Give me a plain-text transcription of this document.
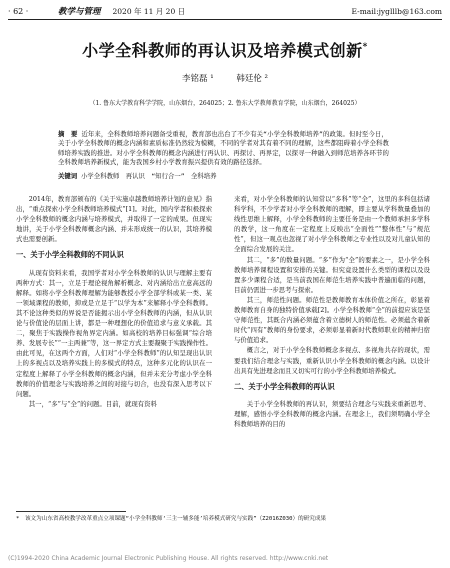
· 62 ·	教学与管理 2020 年 11 月 20 日	E-mail:jyglllb@163.com
小学全科教师的再认识及培养模式创新*
李铭磊 ¹	韩廷伦 ²
（1. 鲁东大学教育科学学院，山东烟台，264025；2. 鲁东大学教师教育学院，山东烟台，264025）
摘　要 近年来，全科教师培养问题备受重视，教育部也出台了不少有关“小学全科教师培养”的政策。但时至今日，关于小学全科教师的概念内涵和素质标准仍然较为模糊，不同的学者对其有着不同的理解，这些都阻碍着小学全科教师培养实践的推进。对小学全科教师的概念内涵进行再认识、再探讨、再界定，以探寻一种融入到师范培养各环节的全科教师培养新模式，能为我国乡村小学教育振兴提供有效的路径选择。
关键词 小学全科教师　再认识　“知行合一”　全科培养

2014年，教育部颁布的《关于实施卓越教师培养计划的意见》指出，“重点探索小学全科教师培养模式”[1]。对此，国内学者积极探索小学全科教师的概念内涵与培养模式，并取得了一定的成果。但现实地讲，关于小学全科教师概念内涵、并未形成统一的认识，其培养模式也需要创新。

一、关于小学全科教师的不同认识

从现有资料来看，我国学者对小学全科教师的认识与理解主要有两种方式：其一，立足于理论视角解析概念、对内涵给出立意高远的解释。如将小学全科教师理解为能够教授小学全部学科或某一类、某一领域课程的教师，抑或是立足于“以学为本”来解释小学全科教师。其不论这种类似的界说是否能揭示出小学全科教师的内涵，但从认识论与价值论的层面上讲，都是一种理想化的价值追求与意义承载。其二，聚焦于实践操作视角界定内涵。如高校的培养目标强调“综合培养、发展专长”“一主两兼”等，这一界定方式主要凝聚于实践操作性。由此可见，在这两个方面，人们对“小学全科教师”的认知呈现出认识上的多视点以及培养实践上的多模式的特点，这种多元化的认识在一定程度上解释了小学全科教师的概念内涵，但并未充分考虑小学全科教师的价值理念与实践培养之间的对接与切合，也没有深入思考以下问题。

其一，“多”与“全”的问题。目前，就现有资料

来看，对小学全科教师的认知常以“多科”等“全”，这里的多科包括诸科学科，不少学者对小学全科教师的理解，即主要从学科数量叠加的线性思维上解释，小学全科教师的主要任务是由一个教师承担多学科的教学，这一角度在一定程度上反映出“全面性”“整体性”与“规范性”，但这一观点也忽视了对小学全科教师之专业性以及对儿童认知的全面综合发展的关注。

其二，“多”的数量问题。“多”作为“全”的要素之一，是小学全科教师培养课程设置和安排的关键。但究竟设置什么类型的课程以及设置多少课程合适，是当前我国在师范生培养实践中普遍面临的问题，目前仍需进一步思考与探索。

其三，师范性问题。师范性是教师教育本体价值之所在，彰显着教师教育自身的独特价值承载[2]。小学全科教师“全”的前提应该是坚守师范性，其既合内涵必须蕴含着立德树人的师范性。必须蕴含着新时代“四有”教师的身份要求，必须彰显着新时代教师职业的精神归宿与价值追求。

概言之，对于小学全科教师概念多视点、多视角共存的现状，需要我们结合理念与实践，重新认识小学全科教师的概念内涵。以设计出具有先进理念而且又切实可行的小学全科教师培养模式。

二、关于小学全科教师的再认识

关于小学全科教师的再认识，须要结合理念与实践来重新思考、理解，感悟小学全科教师的概念内涵。在理念上，我们须明确小学全科教师培养的目的

*　该文为山东省高校教学改革重点立项课题“小学全科教师‘三主一辅多能’培养模式研究与实践”（Z2016Z030）的研究成果
(C)1994-2020 China Academic Journal Electronic Publishing House. All rights reserved. http://www.cnki.net
